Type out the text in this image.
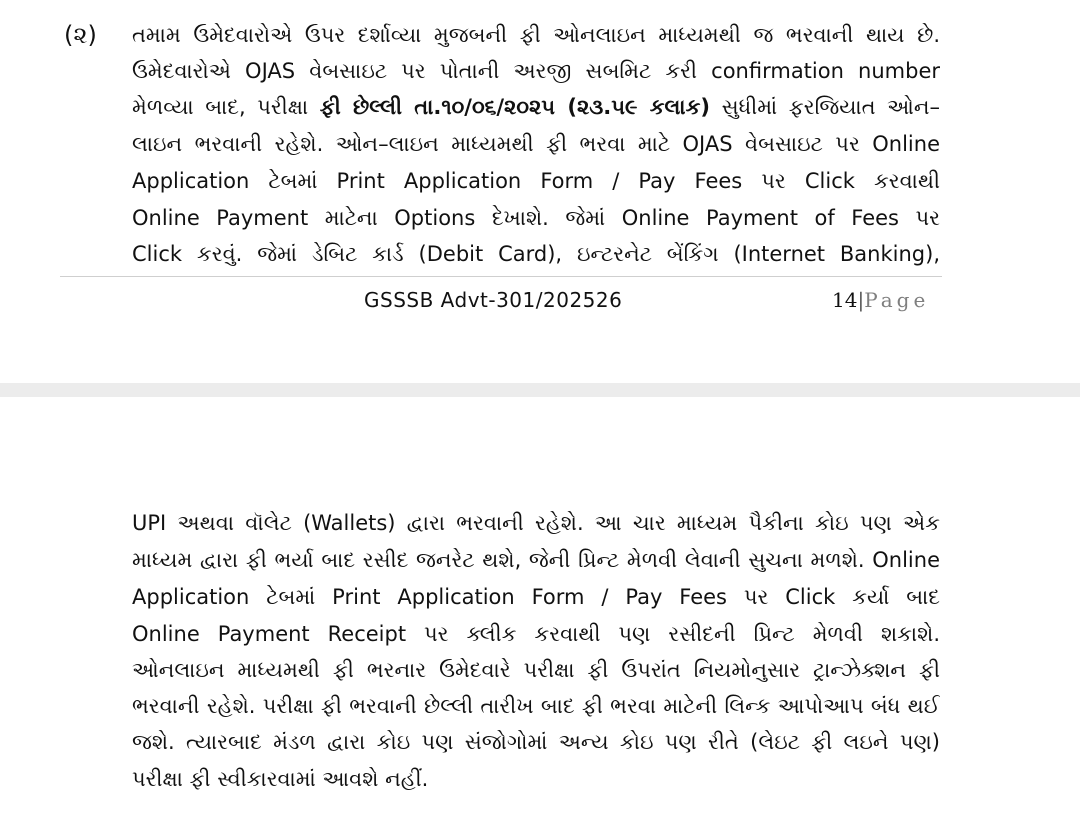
(૨) તમામ ઉમેદવારોએ ઉપર દર્શાવ્યા મુજબની ફી ઓનલાઇન માધ્યમથી જ ભરવાની થાય છે.
ઉમેદવારોએ OJAS વેબસાઇટ પર પોતાની અરજી સબમિટ કરી confirmation number
મેળવ્યા બાદ, પરીક્ષા ફી છેલ્લી તા.૧૦/૦૬/૨૦૨૫ (૨૩.૫૯ કલાક) સુધીમાં ફરજિયાત ઓન–
લાઇન ભરવાની રહેશે. ઓન–લાઇન માધ્યમથી ફી ભરવા માટે OJAS વેબસાઇટ પર Online
Application ટેબમાં Print Application Form / Pay Fees પર Click કરવાથી
Online Payment માટેના Options દેખાશે. જેમાં Online Payment of Fees પર
Click કરવું. જેમાં ડેબિટ કાર્ડ (Debit Card), ઇન્ટરનેટ બેંકિંગ (Internet Banking),
GSSSB Advt-301/202526	14|Page
UPI અથવા વૉલેટ (Wallets) દ્વારા ભરવાની રહેશે. આ ચાર માધ્યમ પૈકીના કોઇ પણ એક
માધ્યમ દ્વારા ફી ભર્યા બાદ રસીદ જનરેટ થશે, જેની પ્રિન્ટ મેળવી લેવાની સુચના મળશે. Online
Application ટેબમાં Print Application Form / Pay Fees પર Click કર્યા બાદ
Online Payment Receipt પર ક્લીક કરવાથી પણ રસીદની પ્રિન્ટ મેળવી શકાશે.
ઓનલાઇન માધ્યમથી ફી ભરનાર ઉમેદવારે પરીક્ષા ફી ઉપરાંત નિયમોનુસાર ટ્રાન્ઝેક્શન ફી
ભરવાની રહેશે. પરીક્ષા ફી ભરવાની છેલ્લી તારીખ બાદ ફી ભરવા માટેની લિન્ક આપોઆપ બંધ થઈ
જશે. ત્યારબાદ મંડળ દ્વારા કોઇ પણ સંજોગોમાં અન્ય કોઇ પણ રીતે (લેઇટ ફી લઇને પણ)
પરીક્ષા ફી સ્વીકારવામાં આવશે નહીં.
